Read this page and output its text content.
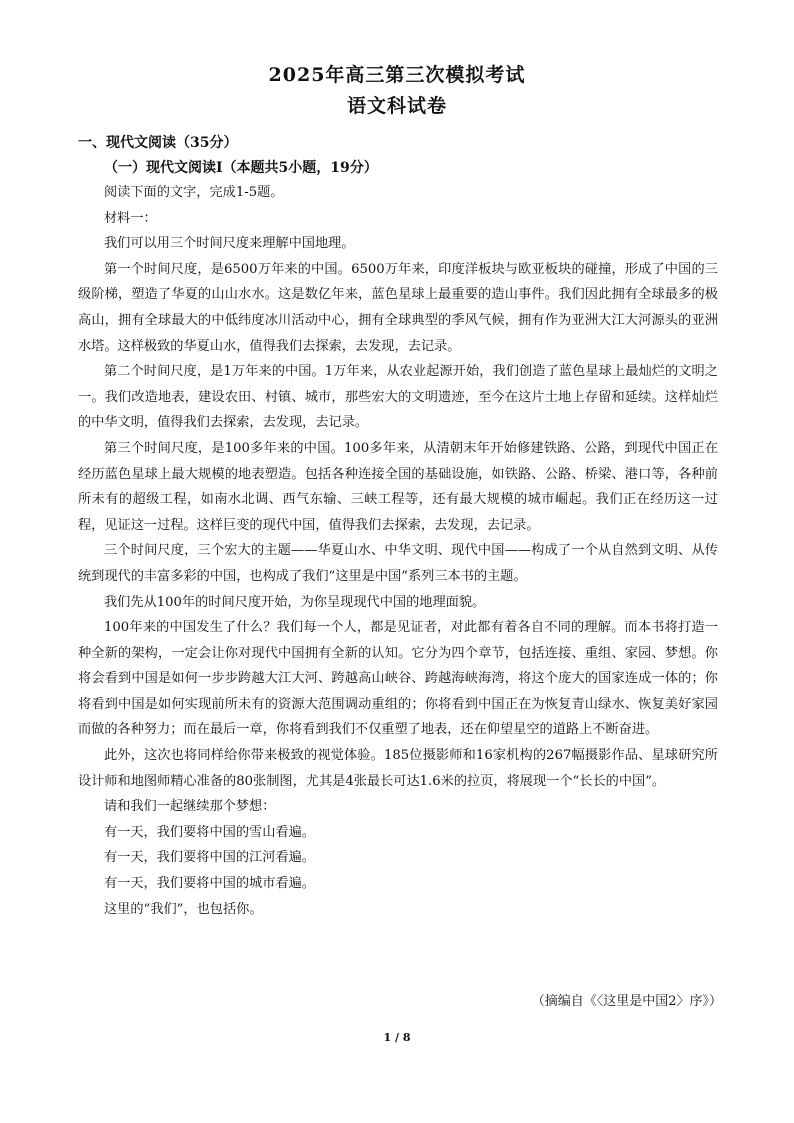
2025年高三第三次模拟考试
语文科试卷
一、现代文阅读（35分）
（一）现代文阅读Ⅰ（本题共5小题，19分）

阅读下面的文字，完成1-5题。

材料一：

我们可以用三个时间尺度来理解中国地理。

第一个时间尺度，是6500万年来的中国。6500万年来，印度洋板块与欧亚板块的碰撞，形成了中国的三级阶梯，塑造了华夏的山山水水。这是数亿年来，蓝色星球上最重要的造山事件。我们因此拥有全球最多的极高山，拥有全球最大的中低纬度冰川活动中心，拥有全球典型的季风气候，拥有作为亚洲大江大河源头的亚洲水塔。这样极致的华夏山水，值得我们去探索，去发现，去记录。

第二个时间尺度，是1万年来的中国。1万年来，从农业起源开始，我们创造了蓝色星球上最灿烂的文明之一。我们改造地表，建设农田、村镇、城市，那些宏大的文明遗迹，至今在这片土地上存留和延续。这样灿烂的中华文明，值得我们去探索，去发现，去记录。

第三个时间尺度，是100多年来的中国。100多年来，从清朝末年开始修建铁路、公路，到现代中国正在经历蓝色星球上最大规模的地表塑造。包括各种连接全国的基础设施，如铁路、公路、桥梁、港口等，各种前所未有的超级工程，如南水北调、西气东输、三峡工程等，还有最大规模的城市崛起。我们正在经历这一过程，见证这一过程。这样巨变的现代中国，值得我们去探索，去发现，去记录。

三个时间尺度，三个宏大的主题——华夏山水、中华文明、现代中国——构成了一个从自然到文明、从传统到现代的丰富多彩的中国，也构成了我们“这里是中国”系列三本书的主题。

我们先从100年的时间尺度开始，为你呈现现代中国的地理面貌。

100年来的中国发生了什么？我们每一个人，都是见证者，对此都有着各自不同的理解。而本书将打造一种全新的架构，一定会让你对现代中国拥有全新的认知。它分为四个章节，包括连接、重组、家园、梦想。你将会看到中国是如何一步步跨越大江大河、跨越高山峡谷、跨越海峡海湾，将这个庞大的国家连成一体的；你将看到中国是如何实现前所未有的资源大范围调动重组的；你将看到中国正在为恢复青山绿水、恢复美好家园而做的各种努力；而在最后一章，你将看到我们不仅重塑了地表，还在仰望星空的道路上不断奋进。

此外，这次也将同样给你带来极致的视觉体验。185位摄影师和16家机构的267幅摄影作品、星球研究所设计师和地图师精心准备的80张制图，尤其是4张最长可达1.6米的拉页，将展现一个“长长的中国”。

请和我们一起继续那个梦想：

有一天，我们要将中国的雪山看遍。

有一天，我们要将中国的江河看遍。

有一天，我们要将中国的城市看遍。

这里的“我们”，也包括你。

（摘编自《〈这里是中国2〉序》）
1 / 8
